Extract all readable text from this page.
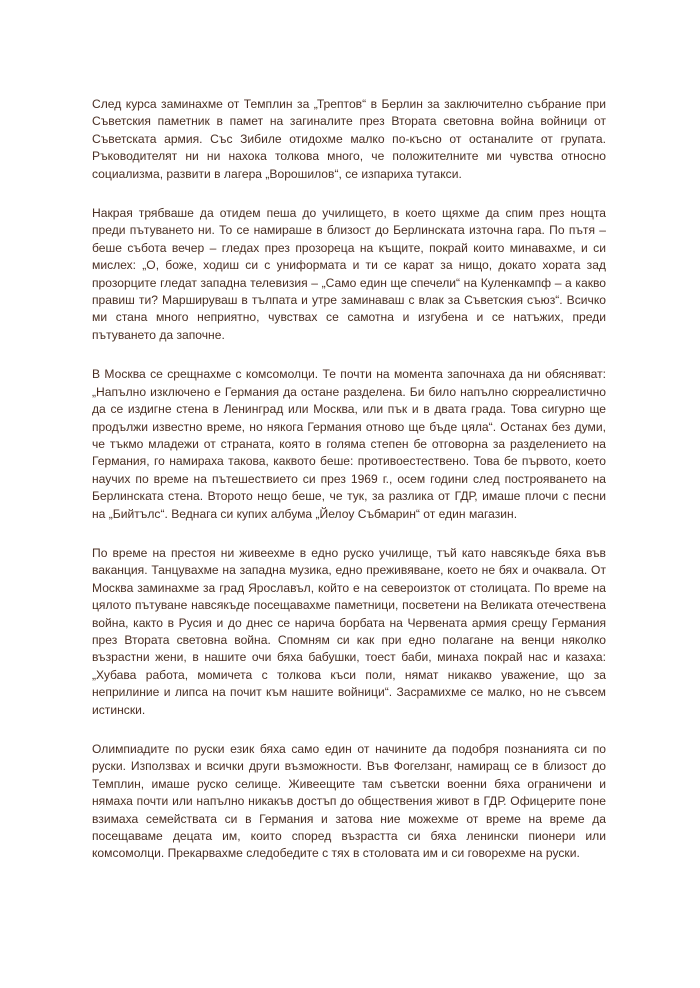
След курса заминахме от Темплин за „Трептов“ в Берлин за заключително събрание при Съветския паметник в памет на загиналите през Втората световна война войници от Съветската армия. Със Зибиле отидохме малко по-късно от останалите от групата. Ръководителят ни ни нахока толкова много, че положителните ми чувства относно социализма, развити в лагера „Ворошилов“, се изпариха тутакси.

Накрая трябваше да отидем пеша до училището, в което щяхме да спим през нощта преди пътуването ни. То се намираше в близост до Берлинската източна гара. По пътя – беше събота вечер – гледах през прозореца на къщите, покрай които минавахме, и си мислех: „О, боже, ходиш си с униформата и ти се карат за нищо, докато хората зад прозорците гледат западна телевизия – „Само един ще спечели“ на Куленкампф – а какво правиш ти? Маршируваш в тълпата и утре заминаваш с влак за Съветския съюз“. Всичко ми стана много неприятно, чувствах се самотна и изгубена и се натъжих, преди пътуването да започне.

В Москва се срещнахме с комсомолци. Те почти на момента започнаха да ни обясняват: „Напълно изключено е Германия да остане разделена. Би било напълно сюрреалистично да се издигне стена в Ленинград или Москва, или пък и в двата града. Това сигурно ще продължи известно време, но някога Германия отново ще бъде цяла“. Останах без думи, че тъкмо младежи от страната, която в голяма степен бе отговорна за разделението на Германия, го намираха такова, каквото беше: противоестествено. Това бе първото, което научих по време на пътешествието си през 1969 г., осем години след построяването на Берлинската стена. Второто нещо беше, че тук, за разлика от ГДР, имаше плочи с песни на „Бийтълс“. Веднага си купих албума „Йелоу Събмарин“ от един магазин.

По време на престоя ни живеехме в едно руско училище, тъй като навсякъде бяха във ваканция. Танцувахме на западна музика, едно преживяване, което не бях и очаквала. От Москва заминахме за град Ярославъл, който е на североизток от столицата. По време на цялото пътуване навсякъде посещавахме паметници, посветени на Великата отечествена война, както в Русия и до днес се нарича борбата на Червената армия срещу Германия през Втората световна война. Спомням си как при едно полагане на венци няколко възрастни жени, в нашите очи бяха бабушки, тоест баби, минаха покрай нас и казаха: „Хубава работа, момичета с толкова къси поли, нямат никакво уважение, що за неприлиние и липса на почит към нашите войници“. Засрамихме се малко, но не съвсем истински.

Олимпиадите по руски език бяха само един от начините да подобря познанията си по руски. Използвах и всички други възможности. Във Фогелзанг, намиращ се в близост до Темплин, имаше руско селище. Живеещите там съветски военни бяха ограничени и нямаха почти или напълно никакъв достъп до обществения живот в ГДР. Офицерите поне взимаха семействата си в Германия и затова ние можехме от време на време да посещаваме децата им, които според възрастта си бяха ленински пионери или комсомолци. Прекарвахме следобедите с тях в столовата им и си говорехме на руски.
